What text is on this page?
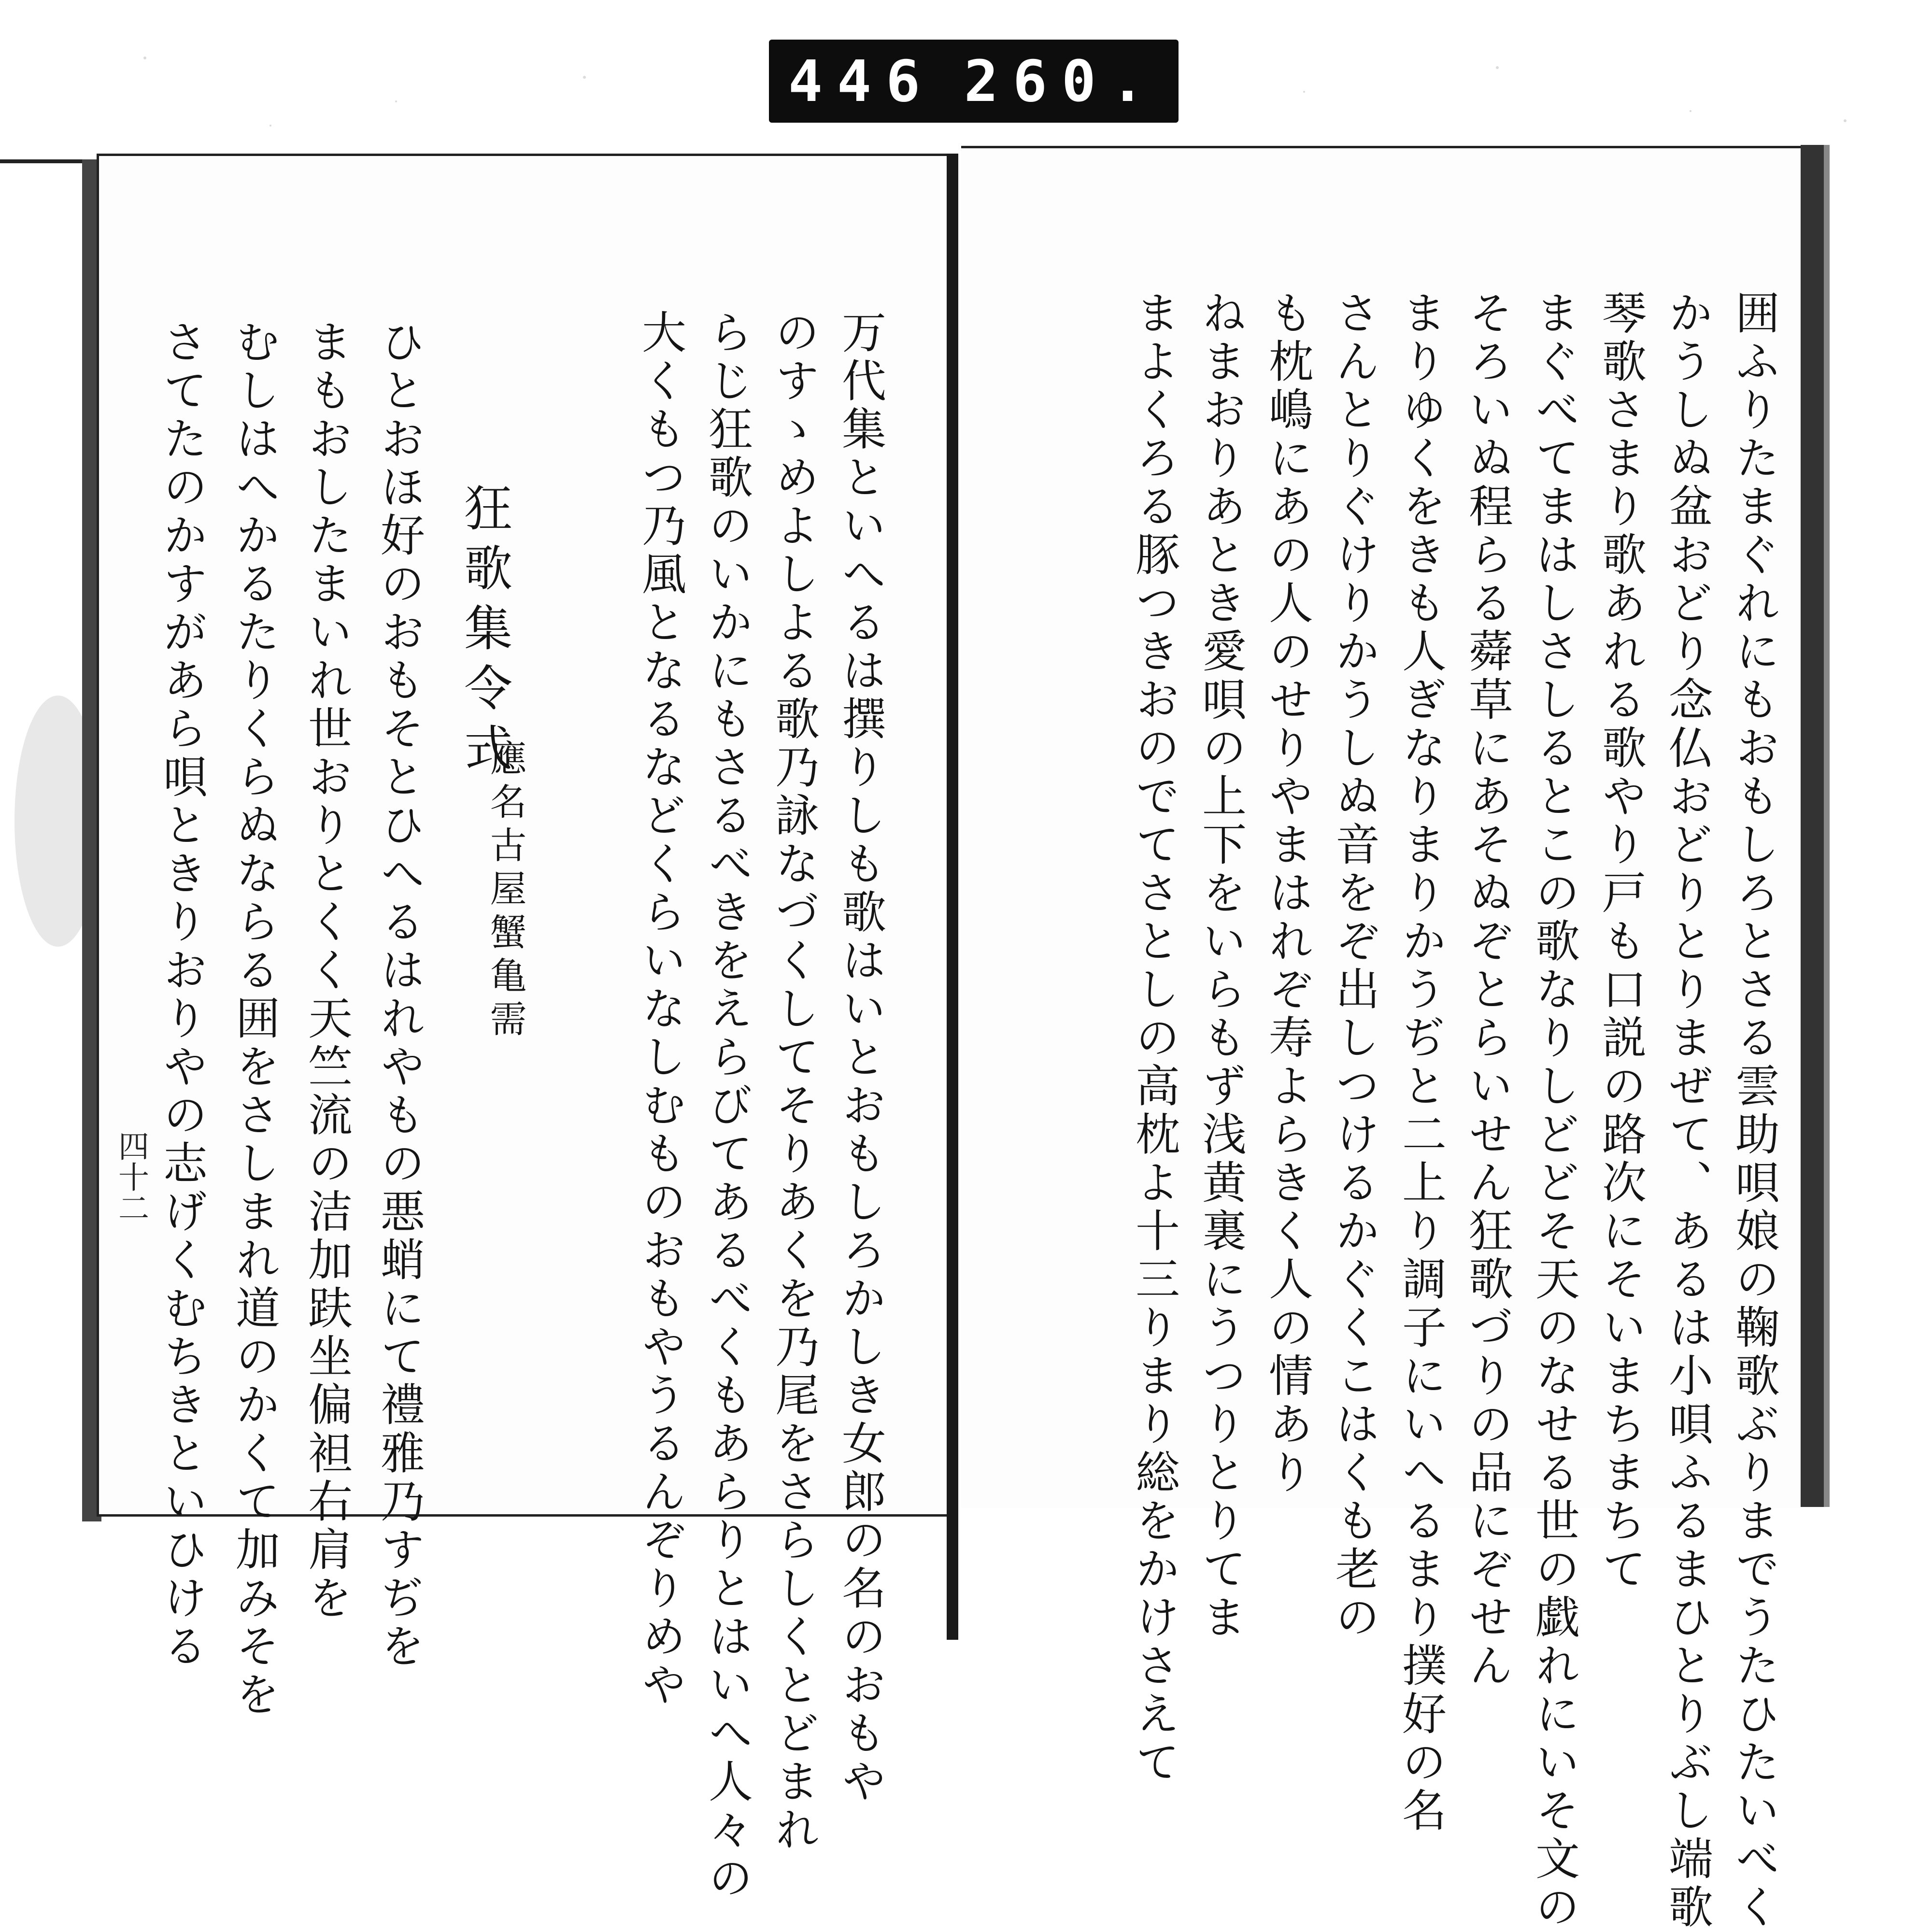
446 260.
囲ふりたまぐれにもおもしろとさる雲助唄娘の鞠歌ぶりまでうたひたいべく
かうしぬ盆おどり念仏おどりとりまぜて、あるは小唄ふるまひとりぶし端歌
琴歌さまり歌あれる歌やり戸も口説の路次にそいまちまちて
まぐべてまはしさしるとこの歌なりしどどそ天のなせる世の戯れにいそ文の
そろいぬ程らる蕣草にあそぬぞとらいせん狂歌づりの品にぞせん
まりゆくをきも人ぎなりまりかうぢと二上り調子にいへるまり撲好の名
さんとりぐけりかうしぬ音をぞ出しつけるかぐくこはくも老の
も枕嶋にあの人のせりやまはれぞ寿よらきく人の情あり
ねまおりあとき愛唄の上下をいらもず浅黄裏にうつりとりてま
まよくろる豚つきおのでてさとしの高枕よ十三りまり総をかけさえて
万代集といへるは撰りしも歌はいとおもしろかしき女郎の名のおもや
のすゝめよしよる歌乃詠なづくしてそりあくを乃尾をさらしくとどまれ
らじ狂歌のいかにもさるべきをえらびてあるべくもあらりとはいへ人々の
大くもつ乃風となるなどくらいなしむものおもやうるんぞりめや
狂歌集令式
應名古屋蟹亀需
ひとおほ好のおもそとひへるはれやもの悪蛸にて禮雅乃すぢを
まもおしたまいれ世おりとくく天竺流の洁加趺坐偏袒右肩を
むしはへかるたりくらぬならる囲をさしまれ道のかくて加みそを
さてたのかすがあら唄ときりおりやの志げくむちきといひける
四十二
